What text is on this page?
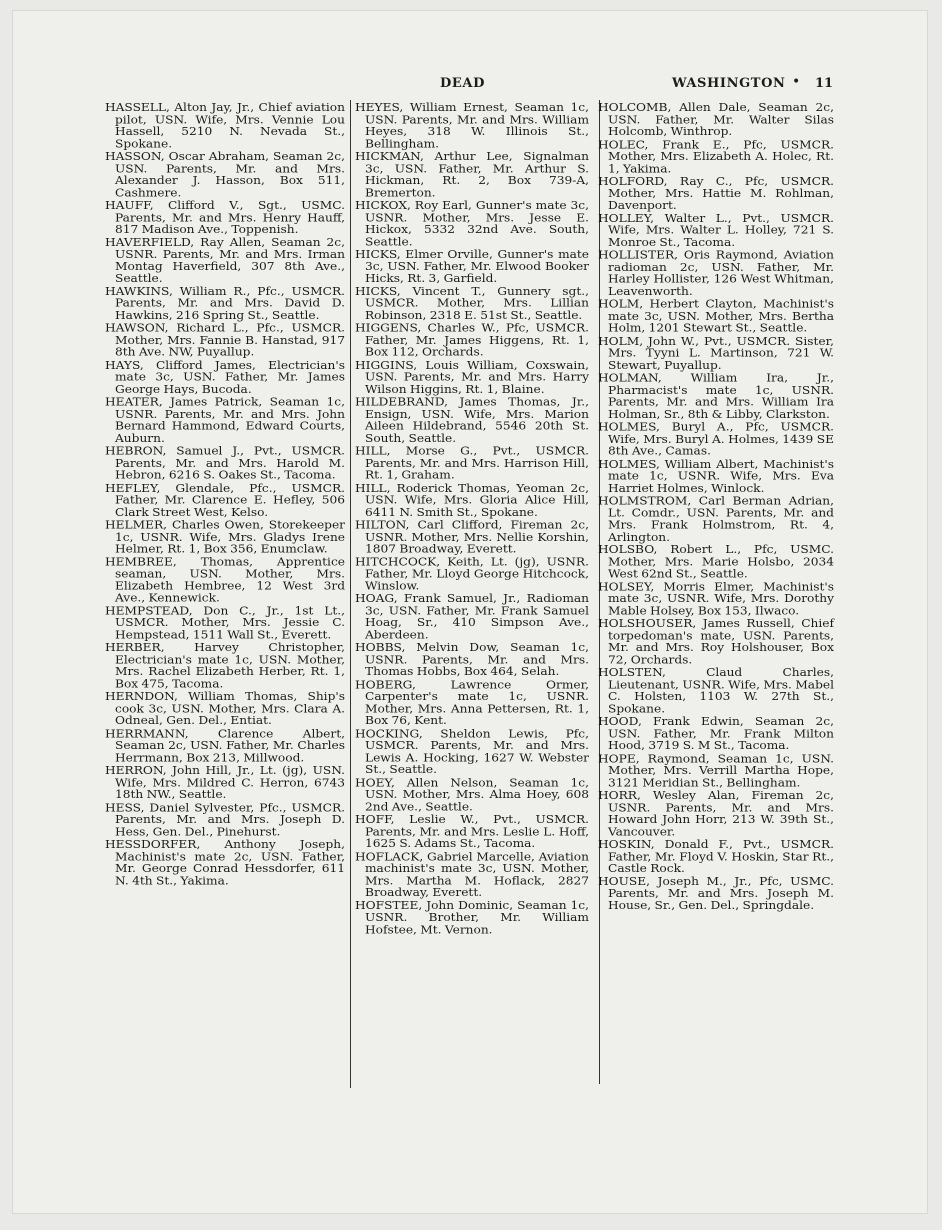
DEAD	WASHINGTON • 11

HASSELL, Alton Jay, Jr., Chief aviation pilot, USN. Wife, Mrs. Vennie Lou Hassell, 5210 N. Nevada St., Spokane.

HASSON, Oscar Abraham, Seaman 2c, USN. Parents, Mr. and Mrs. Alexander J. Hasson, Box 511, Cashmere.

HAUFF, Clifford V., Sgt., USMC. Parents, Mr. and Mrs. Henry Hauff, 817 Madison Ave., Toppenish.

HAVERFIELD, Ray Allen, Seaman 2c, USNR. Parents, Mr. and Mrs. Irman Montag Haverfield, 307 8th Ave., Seattle.

HAWKINS, William R., Pfc., USMCR. Parents, Mr. and Mrs. David D. Hawkins, 216 Spring St., Seattle.

HAWSON, Richard L., Pfc., USMCR. Mother, Mrs. Fannie B. Hanstad, 917 8th Ave. NW, Puyallup.

HAYS, Clifford James, Electrician's mate 3c, USN. Father, Mr. James George Hays, Bucoda.

HEATER, James Patrick, Seaman 1c, USNR. Parents, Mr. and Mrs. John Bernard Hammond, Edward Courts, Auburn.

HEBRON, Samuel J., Pvt., USMCR. Parents, Mr. and Mrs. Harold M. Hebron, 6216 S. Oakes St., Tacoma.

HEFLEY, Glendale, Pfc., USMCR. Father, Mr. Clarence E. Hefley, 506 Clark Street West, Kelso.

HELMER, Charles Owen, Storekeeper 1c, USNR. Wife, Mrs. Gladys Irene Helmer, Rt. 1, Box 356, Enumclaw.

HEMBREE, Thomas, Apprentice seaman, USN. Mother, Mrs. Elizabeth Hembree, 12 West 3rd Ave., Kennewick.

HEMPSTEAD, Don C., Jr., 1st Lt., USMCR. Mother, Mrs. Jessie C. Hempstead, 1511 Wall St., Everett.

HERBER, Harvey Christopher, Electrician's mate 1c, USN. Mother, Mrs. Rachel Elizabeth Herber, Rt. 1, Box 475, Tacoma.

HERNDON, William Thomas, Ship's cook 3c, USN. Mother, Mrs. Clara A. Odneal, Gen. Del., Entiat.

HERRMANN, Clarence Albert, Seaman 2c, USN. Father, Mr. Charles Herrmann, Box 213, Millwood.

HERRON, John Hill, Jr., Lt. (jg), USN. Wife, Mrs. Mildred C. Herron, 6743 18th NW., Seattle.

HESS, Daniel Sylvester, Pfc., USMCR. Parents, Mr. and Mrs. Joseph D. Hess, Gen. Del., Pinehurst.

HESSDORFER, Anthony Joseph, Machinist's mate 2c, USN. Father, Mr. George Conrad Hessdorfer, 611 N. 4th St., Yakima.

HEYES, William Ernest, Seaman 1c, USN. Parents, Mr. and Mrs. William Heyes, 318 W. Illinois St., Bellingham.

HICKMAN, Arthur Lee, Signalman 3c, USN. Father, Mr. Arthur S. Hickman, Rt. 2, Box 739-A, Bremerton.

HICKOX, Roy Earl, Gunner's mate 3c, USNR. Mother, Mrs. Jesse E. Hickox, 5332 32nd Ave. South, Seattle.

HICKS, Elmer Orville, Gunner's mate 3c, USN. Father, Mr. Elwood Booker Hicks, Rt. 3, Garfield.

HICKS, Vincent T., Gunnery sgt., USMCR. Mother, Mrs. Lillian Robinson, 2318 E. 51st St., Seattle.

HIGGENS, Charles W., Pfc, USMCR. Father, Mr. James Higgens, Rt. 1, Box 112, Orchards.

HIGGINS, Louis William, Coxswain, USN. Parents, Mr. and Mrs. Harry Wilson Higgins, Rt. 1, Blaine.

HILDEBRAND, James Thomas, Jr., Ensign, USN. Wife, Mrs. Marion Aileen Hildebrand, 5546 20th St. South, Seattle.

HILL, Morse G., Pvt., USMCR. Parents, Mr. and Mrs. Harrison Hill, Rt. 1, Graham.

HILL, Roderick Thomas, Yeoman 2c, USN. Wife, Mrs. Gloria Alice Hill, 6411 N. Smith St., Spokane.

HILTON, Carl Clifford, Fireman 2c, USNR. Mother, Mrs. Nellie Korshin, 1807 Broadway, Everett.

HITCHCOCK, Keith, Lt. (jg), USNR. Father, Mr. Lloyd George Hitchcock, Winslow.

HOAG, Frank Samuel, Jr., Radioman 3c, USN. Father, Mr. Frank Samuel Hoag, Sr., 410 Simpson Ave., Aberdeen.

HOBBS, Melvin Dow, Seaman 1c, USNR. Parents, Mr. and Mrs. Thomas Hobbs, Box 464, Selah.

HOBERG, Lawrence Ormer, Carpenter's mate 1c, USNR. Mother, Mrs. Anna Pettersen, Rt. 1, Box 76, Kent.

HOCKING, Sheldon Lewis, Pfc, USMCR. Parents, Mr. and Mrs. Lewis A. Hocking, 1627 W. Webster St., Seattle.

HOEY, Allen Nelson, Seaman 1c, USN. Mother, Mrs. Alma Hoey, 608 2nd Ave., Seattle.

HOFF, Leslie W., Pvt., USMCR. Parents, Mr. and Mrs. Leslie L. Hoff, 1625 S. Adams St., Tacoma.

HOFLACK, Gabriel Marcelle, Aviation machinist's mate 3c, USN. Mother, Mrs. Martha M. Hoflack, 2827 Broadway, Everett.

HOFSTEE, John Dominic, Seaman 1c, USNR. Brother, Mr. William Hofstee, Mt. Vernon.

HOLCOMB, Allen Dale, Seaman 2c, USN. Father, Mr. Walter Silas Holcomb, Winthrop.

HOLEC, Frank E., Pfc, USMCR. Mother, Mrs. Elizabeth A. Holec, Rt. 1, Yakima.

HOLFORD, Ray C., Pfc, USMCR. Mother, Mrs. Hattie M. Rohlman, Davenport.

HOLLEY, Walter L., Pvt., USMCR. Wife, Mrs. Walter L. Holley, 721 S. Monroe St., Tacoma.

HOLLISTER, Oris Raymond, Aviation radioman 2c, USN. Father, Mr. Harley Hollister, 126 West Whitman, Leavenworth.

HOLM, Herbert Clayton, Machinist's mate 3c, USN. Mother, Mrs. Bertha Holm, 1201 Stewart St., Seattle.

HOLM, John W., Pvt., USMCR. Sister, Mrs. Tyyni L. Martinson, 721 W. Stewart, Puyallup.

HOLMAN, William Ira, Jr., Pharmacist's mate 1c, USNR. Parents, Mr. and Mrs. William Ira Holman, Sr., 8th & Libby, Clarkston.

HOLMES, Buryl A., Pfc, USMCR. Wife, Mrs. Buryl A. Holmes, 1439 SE 8th Ave., Camas.

HOLMES, William Albert, Machinist's mate 1c, USNR. Wife, Mrs. Eva Harriet Holmes, Winlock.

HOLMSTROM, Carl Berman Adrian, Lt. Comdr., USN. Parents, Mr. and Mrs. Frank Holmstrom, Rt. 4, Arlington.

HOLSBO, Robert L., Pfc, USMC. Mother, Mrs. Marie Holsbo, 2034 West 62nd St., Seattle.

HOLSEY, Morris Elmer, Machinist's mate 3c, USNR. Wife, Mrs. Dorothy Mable Holsey, Box 153, Ilwaco.

HOLSHOUSER, James Russell, Chief torpedoman's mate, USN. Parents, Mr. and Mrs. Roy Holshouser, Box 72, Orchards.

HOLSTEN, Claud Charles, Lieutenant, USNR. Wife, Mrs. Mabel C. Holsten, 1103 W. 27th St., Spokane.

HOOD, Frank Edwin, Seaman 2c, USN. Father, Mr. Frank Milton Hood, 3719 S. M St., Tacoma.

HOPE, Raymond, Seaman 1c, USN. Mother, Mrs. Verrill Martha Hope, 3121 Meridian St., Bellingham.

HORR, Wesley Alan, Fireman 2c, USNR. Parents, Mr. and Mrs. Howard John Horr, 213 W. 39th St., Vancouver.

HOSKIN, Donald F., Pvt., USMCR. Father, Mr. Floyd V. Hoskin, Star Rt., Castle Rock.

HOUSE, Joseph M., Jr., Pfc, USMC. Parents, Mr. and Mrs. Joseph M. House, Sr., Gen. Del., Springdale.
